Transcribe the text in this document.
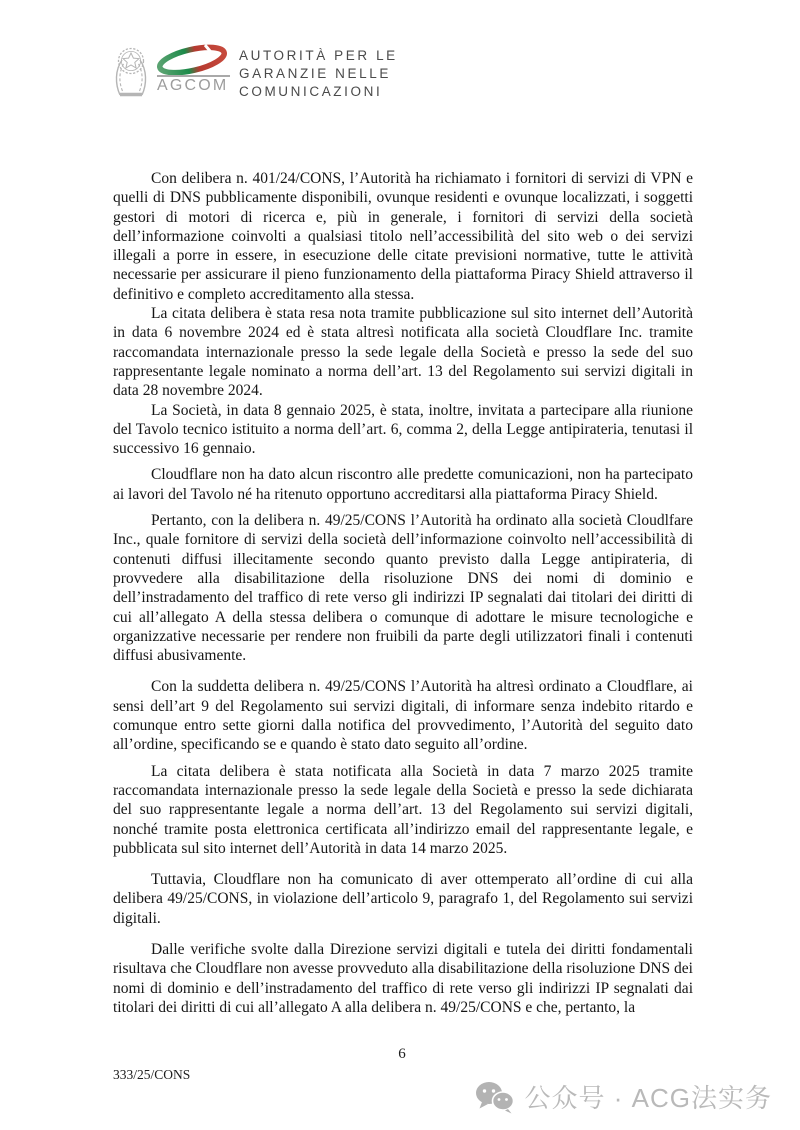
AGCOM
AUTORITÀ PER LE
GARANZIE NELLE
COMUNICAZIONI

Con delibera n. 401/24/CONS, l’Autorità ha richiamato i fornitori di servizi di VPN e quelli di DNS pubblicamente disponibili, ovunque residenti e ovunque localizzati, i soggetti gestori di motori di ricerca e, più in generale, i fornitori di servizi della società dell’informazione coinvolti a qualsiasi titolo nell’accessibilità del sito web o dei servizi illegali a porre in essere, in esecuzione delle citate previsioni normative, tutte le attività necessarie per assicurare il pieno funzionamento della piattaforma Piracy Shield attraverso il definitivo e completo accreditamento alla stessa.

La citata delibera è stata resa nota tramite pubblicazione sul sito internet dell’Autorità in data 6 novembre 2024 ed è stata altresì notificata alla società Cloudflare Inc. tramite raccomandata internazionale presso la sede legale della Società e presso la sede del suo rappresentante legale nominato a norma dell’art. 13 del Regolamento sui servizi digitali in data 28 novembre 2024.

La Società, in data 8 gennaio 2025, è stata, inoltre, invitata a partecipare alla riunione del Tavolo tecnico istituito a norma dell’art. 6, comma 2, della Legge antipirateria, tenutasi il successivo 16 gennaio.

Cloudflare non ha dato alcun riscontro alle predette comunicazioni, non ha partecipato ai lavori del Tavolo né ha ritenuto opportuno accreditarsi alla piattaforma Piracy Shield.

Pertanto, con la delibera n. 49/25/CONS l’Autorità ha ordinato alla società Cloudlfare Inc., quale fornitore di servizi della società dell’informazione coinvolto nell’accessibilità di contenuti diffusi illecitamente secondo quanto previsto dalla Legge antipirateria, di provvedere alla disabilitazione della risoluzione DNS dei nomi di dominio e dell’instradamento del traffico di rete verso gli indirizzi IP segnalati dai titolari dei diritti di cui all’allegato A della stessa delibera o comunque di adottare le misure tecnologiche e organizzative necessarie per rendere non fruibili da parte degli utilizzatori finali i contenuti diffusi abusivamente.

Con la suddetta delibera n. 49/25/CONS l’Autorità ha altresì ordinato a Cloudflare, ai sensi dell’art 9 del Regolamento sui servizi digitali, di informare senza indebito ritardo e comunque entro sette giorni dalla notifica del provvedimento, l’Autorità del seguito dato all’ordine, specificando se e quando è stato dato seguito all’ordine.

La citata delibera è stata notificata alla Società in data 7 marzo 2025 tramite raccomandata internazionale presso la sede legale della Società e presso la sede dichiarata del suo rappresentante legale a norma dell’art. 13 del Regolamento sui servizi digitali, nonché tramite posta elettronica certificata all’indirizzo email del rappresentante legale, e pubblicata sul sito internet dell’Autorità in data 14 marzo 2025.

Tuttavia, Cloudflare non ha comunicato di aver ottemperato all’ordine di cui alla delibera 49/25/CONS, in violazione dell’articolo 9, paragrafo 1, del Regolamento sui servizi digitali.

Dalle verifiche svolte dalla Direzione servizi digitali e tutela dei diritti fondamentali risultava che Cloudflare non avesse provveduto alla disabilitazione della risoluzione DNS dei nomi di dominio e dell’instradamento del traffico di rete verso gli indirizzi IP segnalati dai titolari dei diritti di cui all’allegato A alla delibera n. 49/25/CONS e che, pertanto, la

6
333/25/CONS
公众号 · ACG法实务
